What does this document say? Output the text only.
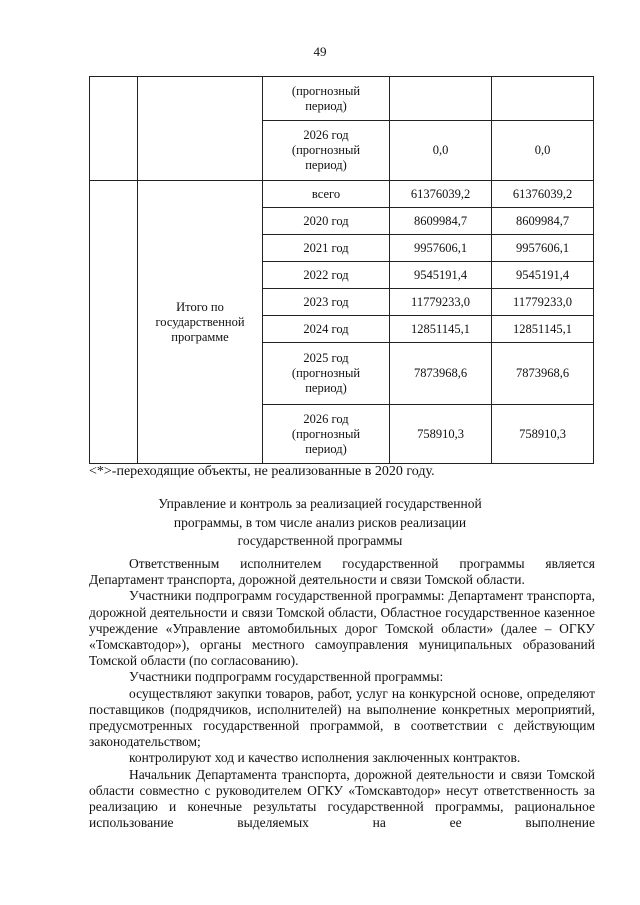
49
		(прогнозный
период)		
		2026 год
(прогнозный
период)	0,0	0,0
	Итого по
государственной
программе	всего	61376039,2	61376039,2
		2020 год	8609984,7	8609984,7
		2021 год	9957606,1	9957606,1
		2022 год	9545191,4	9545191,4
		2023 год	11779233,0	11779233,0
		2024 год	12851145,1	12851145,1
		2025 год
(прогнозный
период)	7873968,6	7873968,6
		2026 год
(прогнозный
период)	758910,3	758910,3
<*>-переходящие объекты, не реализованные в 2020 году.
Управление и контроль за реализацией государственной
программы, в том числе анализ рисков реализации
государственной программы

Ответственным исполнителем государственной программы является Департамент транспорта, дорожной деятельности и связи Томской области.

Участники подпрограмм государственной программы: Департамент транспорта, дорожной деятельности и связи Томской области, Областное государственное казенное учреждение «Управление автомобильных дорог Томской области» (далее – ОГКУ «Томскавтодор»), органы местного самоуправления муниципальных образований Томской области (по согласованию).

Участники подпрограмм государственной программы:

осуществляют закупки товаров, работ, услуг на конкурсной основе, определяют поставщиков (подрядчиков, исполнителей) на выполнение конкретных мероприятий, предусмотренных государственной программой, в соответствии с действующим законодательством;

контролируют ход и качество исполнения заключенных контрактов.

Начальник Департамента транспорта, дорожной деятельности и связи Томской области совместно с руководителем ОГКУ «Томскавтодор» несут ответственность за реализацию и конечные результаты государственной программы, рациональное использование выделяемых на ее выполнение
